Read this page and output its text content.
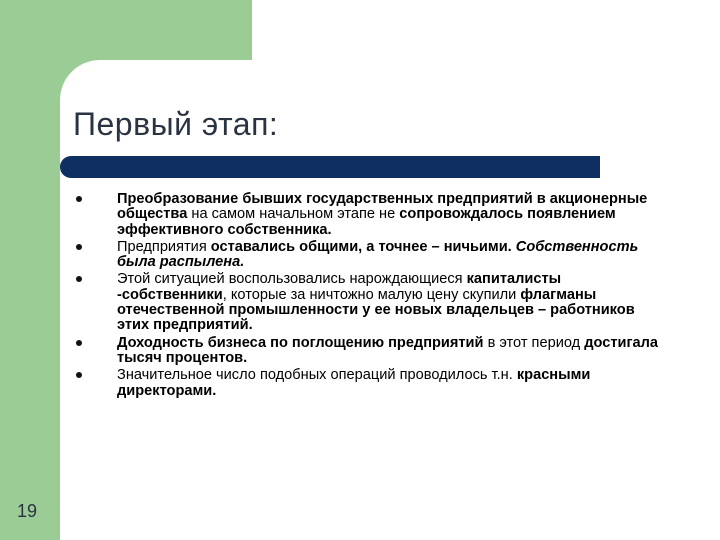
Первый этап:
Преобразование бывших государственных предприятий в акционерные общества на самом начальном этапе не сопровождалось появлением эффективного собственника.
Предприятия оставались общими, а точнее – ничьими. Собственность была распылена.
Этой ситуацией воспользовались нарождающиеся капиталисты -собственники, которые за ничтожно малую цену скупили флагманы отечественной промышленности у ее новых владельцев – работников этих предприятий.
Доходность бизнеса по поглощению предприятий в этот период достигала тысяч процентов.
Значительное число подобных операций проводилось т.н. красными директорами.
19
